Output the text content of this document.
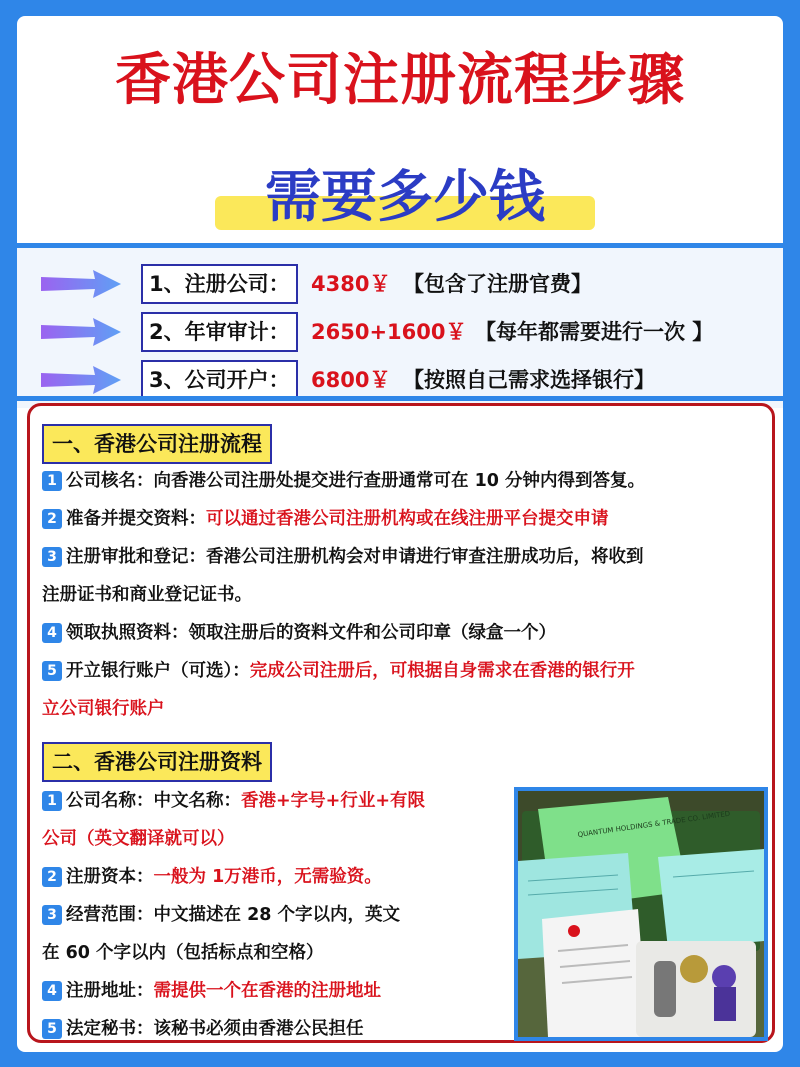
香港公司注册流程步骤
需要多少钱
1、注册公司：	4380￥ 【包含了注册官费】
2、年审审计：	2650+1600￥ 【每年都需要进行一次 】
3、公司开户：	6800￥ 【按照自己需求选择银行】
一、香港公司注册流程
1 公司核名：向香港公司注册处提交进行查册通常可在 10 分钟内得到答复。
2 准备并提交资料：可以通过香港公司注册机构或在线注册平台提交申请
3 注册审批和登记：香港公司注册机构会对申请进行审查注册成功后，将收到
注册证书和商业登记证书。
4 领取执照资料：领取注册后的资料文件和公司印章（绿盒一个）
5 开立银行账户（可选）：完成公司注册后，可根据自身需求在香港的银行开
立公司银行账户
二、香港公司注册资料
1 公司名称：中文名称：香港+字号+行业+有限
公司（英文翻译就可以）
2 注册资本：一般为 1万港币，无需验资。
3 经营范围：中文描述在 28 个字以内，英文
在 60 个字以内（包括标点和空格）
4 注册地址：需提供一个在香港的注册地址
5 法定秘书：该秘书必须由香港公民担任
QUANTUM HOLDINGS & TRADE CO. LIMITED
